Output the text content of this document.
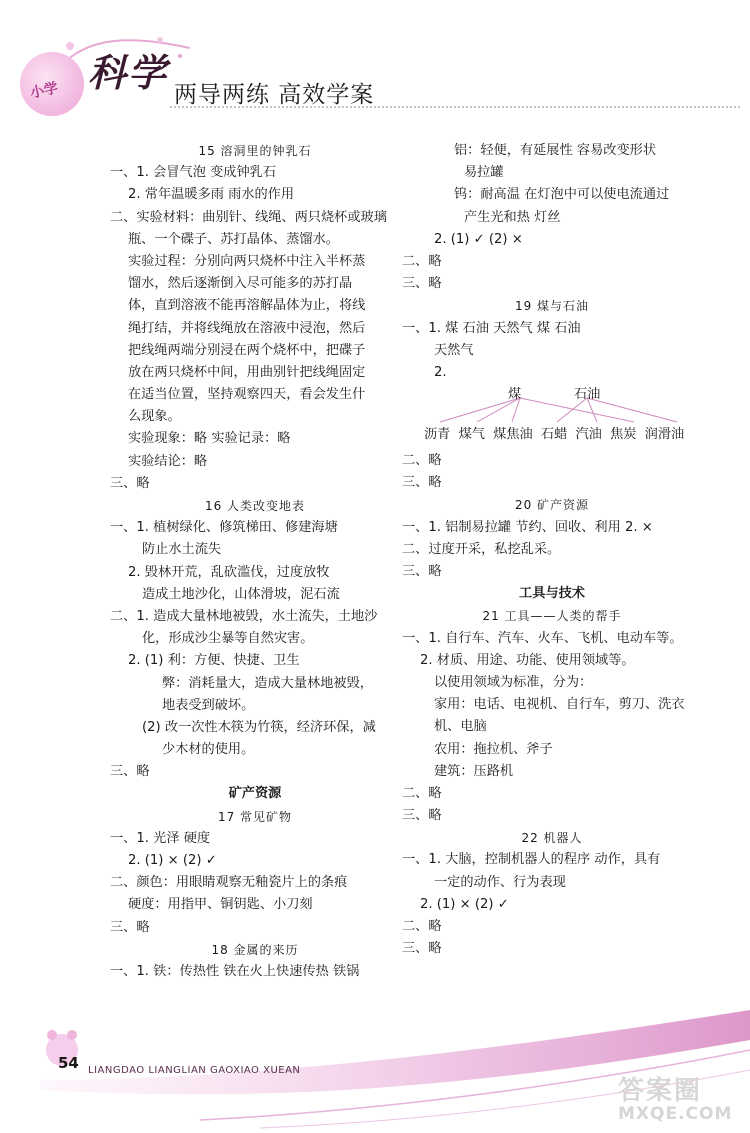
小学 科学 两导两练 高效学案
15 溶洞里的钟乳石
一、1. 会冒气泡 变成钟乳石
2. 常年温暖多雨 雨水的作用
二、实验材料：曲别针、线绳、两只烧杯或玻璃
瓶、一个碟子、苏打晶体、蒸馏水。
实验过程：分别向两只烧杯中注入半杯蒸
馏水，然后逐渐倒入尽可能多的苏打晶
体，直到溶液不能再溶解晶体为止，将线
绳打结，并将线绳放在溶液中浸泡，然后
把线绳两端分别浸在两个烧杯中，把碟子
放在两只烧杯中间，用曲别针把线绳固定
在适当位置，坚持观察四天，看会发生什
么现象。
实验现象：略 实验记录：略
实验结论：略
三、略
16 人类改变地表
一、1. 植树绿化、修筑梯田、修建海塘
防止水土流失
2. 毁林开荒，乱砍滥伐，过度放牧
造成土地沙化，山体滑坡，泥石流
二、1. 造成大量林地被毁，水土流失，土地沙
化，形成沙尘暴等自然灾害。
2. (1) 利：方便、快捷、卫生
弊：消耗量大，造成大量林地被毁，
地表受到破坏。
(2) 改一次性木筷为竹筷，经济环保，减
少木材的使用。
三、略
矿产资源
17 常见矿物
一、1. 光泽 硬度
2. (1) × (2) ✓
二、颜色：用眼睛观察无釉瓷片上的条痕
硬度：用指甲、铜钥匙、小刀刻
三、略
18 金属的来历
一、1. 铁：传热性 铁在火上快速传热 铁锅
铝：轻便，有延展性 容易改变形状
易拉罐
钨：耐高温 在灯泡中可以使电流通过
产生光和热 灯丝
2. (1) ✓ (2) ×
二、略
三、略
19 煤与石油
一、1. 煤 石油 天然气 煤 石油
天然气
2.
煤	石油
沥青 煤气 煤焦油 石蜡 汽油 焦炭 润滑油
二、略
三、略
20 矿产资源
一、1. 铝制易拉罐 节约、回收、利用 2. ×
二、过度开采，私挖乱采。
三、略
工具与技术
21 工具——人类的帮手
一、1. 自行车、汽车、火车、飞机、电动车等。
2. 材质、用途、功能、使用领域等。
以使用领域为标准，分为：
家用：电话、电视机、自行车，剪刀、洗衣
机、电脑
农用：拖拉机、斧子
建筑：压路机
二、略
三、略
22 机器人
一、1. 大脑，控制机器人的程序 动作，具有
一定的动作、行为表现
2. (1) × (2) ✓
二、略
三、略
54 LIANGDAO LIANGLIAN GAOXIAO XUEAN
答案圈
MXQE.COM
